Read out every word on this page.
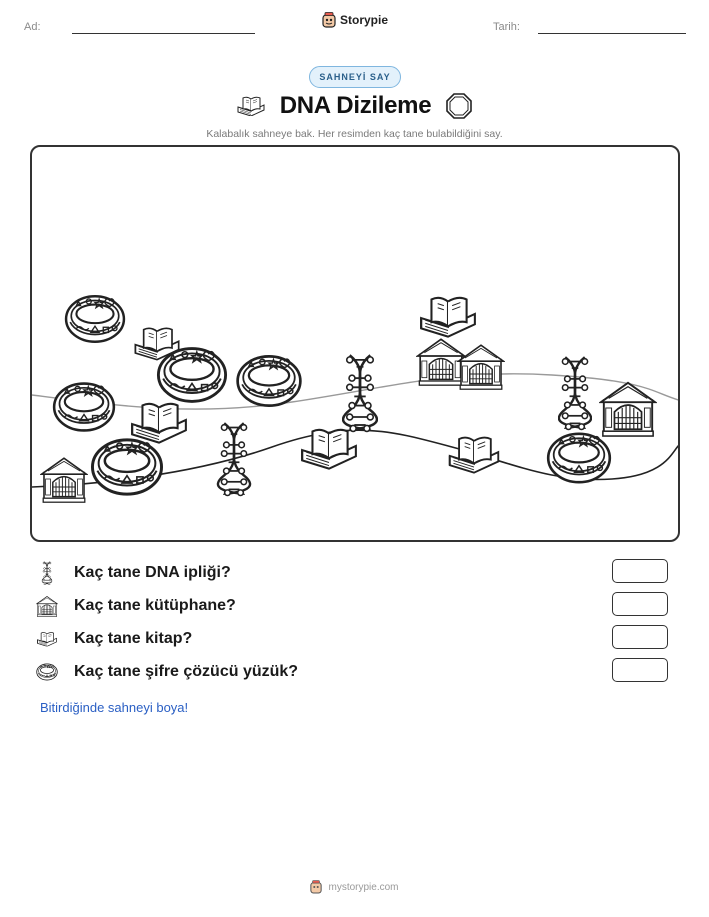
Ad:	Storypie	Tarih:
SAHNEYİ SAY
DNA Dizileme
Kalabalık sahneye bak. Her resimden kaç tane bulabildiğini say.
Kaç tane DNA ipliği?
Kaç tane kütüphane?
Kaç tane kitap?
Kaç tane şifre çözücü yüzük?
Bitirdiğinde sahneyi boya!
mystorypie.com
